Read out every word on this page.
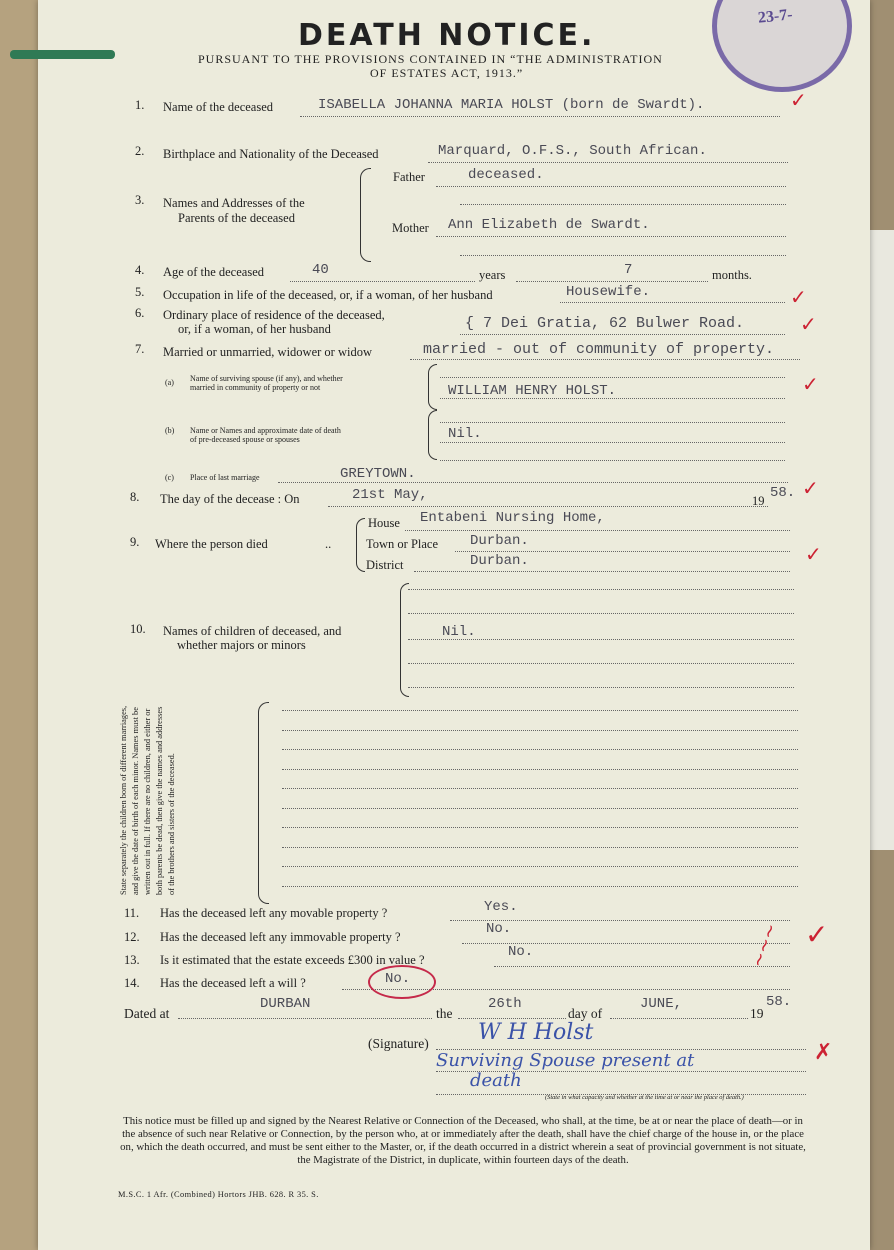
23-7-
DEATH NOTICE.
PURSUANT TO THE PROVISIONS CONTAINED IN “THE ADMINISTRATION
OF ESTATES ACT, 1913.”
1. Name of the deceased	ISABELLA JOHANNA MARIA HOLST (born de Swardt).
2. Birthplace and Nationality of the Deceased	Marquard, O.F.S., South African.
3. Names and Addresses of the
Parents of the deceased
Father	deceased.
Mother Ann Elizabeth de Swardt.
4. Age of the deceased	40	years	7	months.
5. Occupation in life of the deceased, or, if a woman, of her husband	Housewife.
6. Ordinary place of residence of the deceased,
or, if a woman, of her husband	{ 7 Dei Gratia, 62 Bulwer Road.
7. Married or unmarried, widower or widow	married - out of community of property.
(a) Name of surviving spouse (if any), and whether
married in community of property or not	WILLIAM HENRY HOLST.
(b) Name or Names and approximate date of death
of pre-deceased spouse or spouses	Nil.
(c) Place of last marriage	GREYTOWN.
8. The day of the decease : On	21st May,	19 58.
9. Where the person died	..
House Entabeni Nursing Home,
Town or Place Durban.
District	Durban.
10. Names of children of deceased, and
whether majors or minors
Nil.
State separately the children born of different marriages, and give the date of birth of each minor. Names must be written out in full. If there are no children, and either or both parents be dead, then give the names and addresses of the brothers and sisters of the deceased.
11. Has the deceased left any movable property ?	Yes.
12. Has the deceased left any immovable property ?	No.
13. Is it estimated that the estate exceeds £300 in value ?	No.
14. Has the deceased left a will ?	No.
Dated at
DURBAN
the
26th
day of
JUNE,
19
58.
(Signature) W H Holst
Surviving Spouse present at
death
(State in what capacity and whether at the time at or near the place of death.)
This notice must be filled up and signed by the Nearest Relative or Connection of the Deceased, who shall, at the time, be at or near the place of death—or in the absence of such near Relative or Connection, by the person who, at or immediately after the death, shall have the chief charge of the house in, or the place on, which the death occurred, and must be sent either to the Master, or, if the death occurred in a district wherein a seat of provincial government is not situate, the Magistrate of the District, in duplicate, within fourteen days of the death.
M.S.C. 1 Afr. (Combined) Hortors JHB. 628. R 35. S.
✓
✓
✓
✓
✓
✓
✓
~~~
✗
